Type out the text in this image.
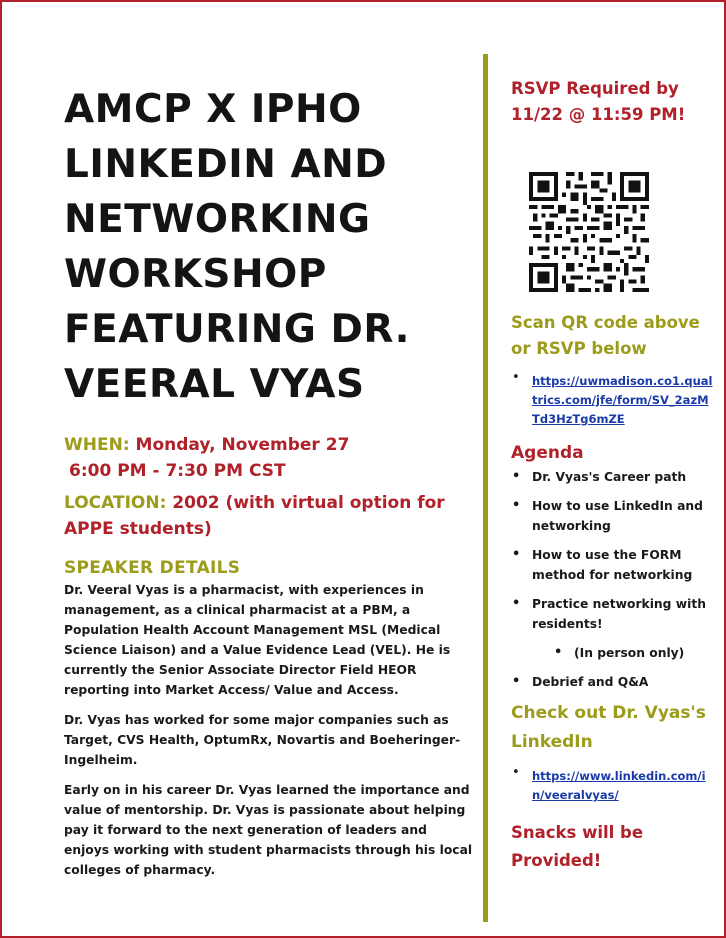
AMCP X IPHO
LINKEDIN AND
NETWORKING
WORKSHOP
FEATURING DR.
VEERAL VYAS
WHEN: Monday, November 27
6:00 PM - 7:30 PM CST
LOCATION: 2002 (with virtual option for APPE students)
SPEAKER DETAILS

Dr. Veeral Vyas is a pharmacist, with experiences in management, as a clinical pharmacist at a PBM, a Population Health Account Management MSL (Medical Science Liaison) and a Value Evidence Lead (VEL). He is currently the Senior Associate Director Field HEOR reporting into Market Access/ Value and Access.

Dr. Vyas has worked for some major companies such as Target, CVS Health, OptumRx, Novartis and Boeheringer-Ingelheim.

Early on in his career Dr. Vyas learned the importance and value of mentorship. Dr. Vyas is passionate about helping pay it forward to the next generation of leaders and enjoys working with student pharmacists through his local colleges of pharmacy.

RSVP Required by 11/22 @ 11:59 PM!
Scan QR code above or RSVP below
• https://uwmadison.co1.qualtrics.com/jfe/form/SV_2azMTd3HzTg6mZE
Agenda
• Dr. Vyas's Career path
• How to use LinkedIn and networking
• How to use the FORM method for networking
• Practice networking with residents!
• (In person only)
• Debrief and Q&A
Check out Dr. Vyas's LinkedIn
• https://www.linkedin.com/in/veeralvyas/
Snacks will be Provided!
